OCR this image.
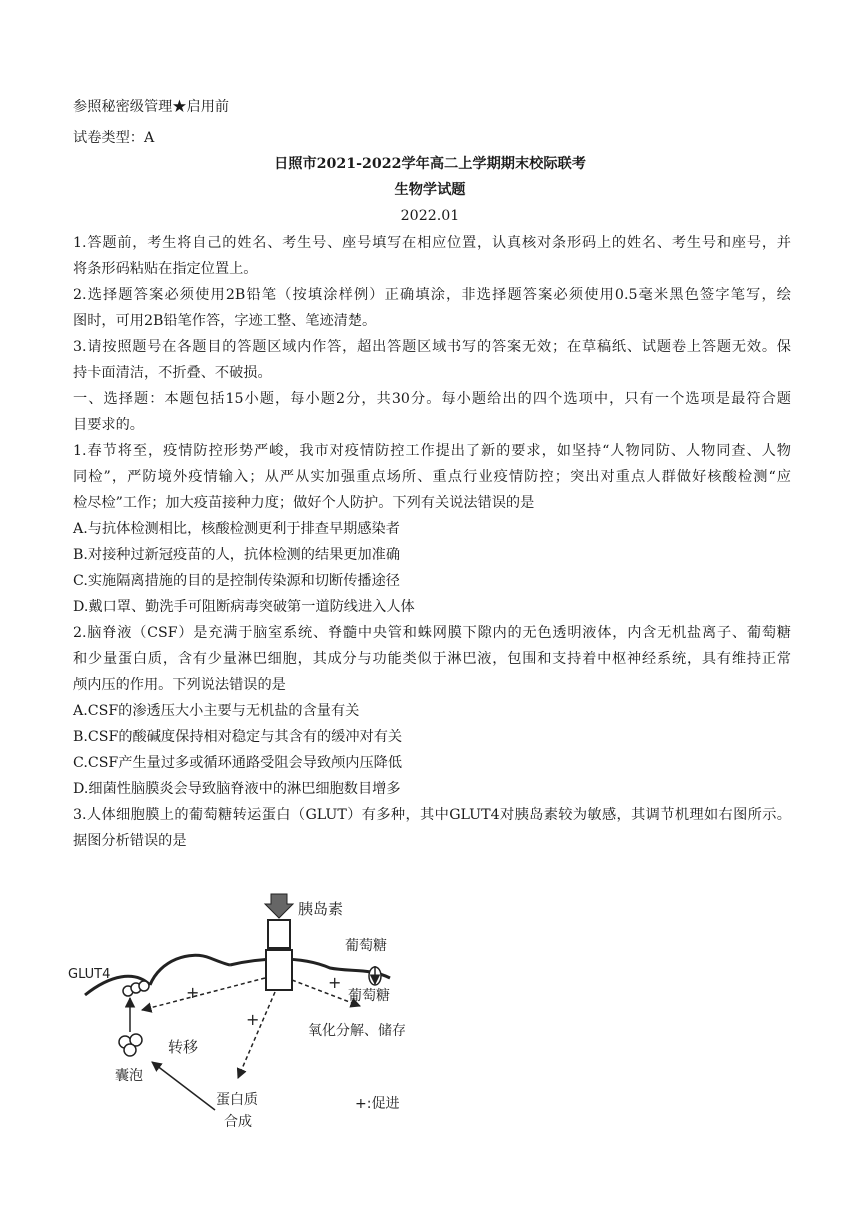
参照秘密级管理★启用前
试卷类型：A
日照市2021-2022学年高二上学期期末校际联考
生物学试题
2022.01
1.答题前，考生将自己的姓名、考生号、座号填写在相应位置，认真核对条形码上的姓名、考生号和座号，并
将条形码粘贴在指定位置上。
2.选择题答案必须使用2B铅笔（按填涂样例）正确填涂，非选择题答案必须使用0.5毫米黑色签字笔写，绘
图时，可用2B铅笔作答，字迹工整、笔迹清楚。
3.请按照题号在各题目的答题区域内作答，超出答题区域书写的答案无效；在草稿纸、试题卷上答题无效。保
持卡面清洁，不折叠、不破损。
一、选择题：本题包括15小题，每小题2分，共30分。每小题给出的四个选项中，只有一个选项是最符合题
目要求的。
1.春节将至，疫情防控形势严峻，我市对疫情防控工作提出了新的要求，如坚持“人物同防、人物同查、人物
同检”，严防境外疫情输入；从严从实加强重点场所、重点行业疫情防控；突出对重点人群做好核酸检测“应
检尽检”工作；加大疫苗接种力度；做好个人防护。下列有关说法错误的是
A.与抗体检测相比，核酸检测更利于排查早期感染者
B.对接种过新冠疫苗的人，抗体检测的结果更加准确
C.实施隔离措施的目的是控制传染源和切断传播途径
D.戴口罩、勤洗手可阻断病毒突破第一道防线进入人体
2.脑脊液（CSF）是充满于脑室系统、脊髓中央管和蛛网膜下隙内的无色透明液体，内含无机盐离子、葡萄糖
和少量蛋白质，含有少量淋巴细胞，其成分与功能类似于淋巴液，包围和支持着中枢神经系统，具有维持正常
颅内压的作用。下列说法错误的是
A.CSF的渗透压大小主要与无机盐的含量有关
B.CSF的酸碱度保持相对稳定与其含有的缓冲对有关
C.CSF产生量过多或循环通路受阻会导致颅内压降低
D.细菌性脑膜炎会导致脑脊液中的淋巴细胞数目增多
3.人体细胞膜上的葡萄糖转运蛋白（GLUT）有多种，其中GLUT4对胰岛素较为敏感，其调节机理如右图所示。
据图分析错误的是
胰岛素
葡萄糖
葡萄糖
GLUT4
+
+
氧化分解、储存
+
转移
囊泡
蛋白质
合成
+:促进
